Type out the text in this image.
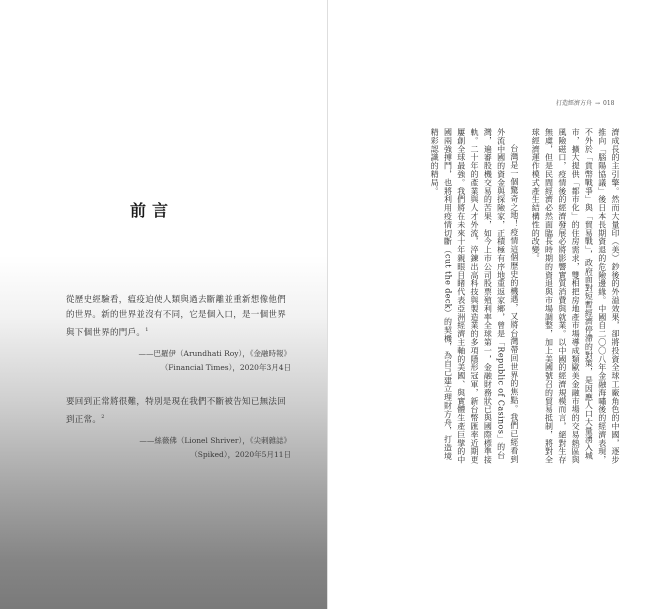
前言
從歷史經驗看，瘟疫迫使人類與過去斷離並重新想像他們的世界。新的世界並沒有不同，它是個入口，是一個世界與下個世界的門戶。$^1$
——巴羅伊（Arundhati Roy），《金融時報》
（Financial Times），2020年3月4日
要回到正常將很難，特別是現在我們不斷被告知已無法回到正常。$^2$
——絲薇佛（Lionel Shriver），《尖刺雜誌》
（Spiked），2020年5月11日
打造經濟方舟 → 018

濟成長的主引擎。然而大量印（美）鈔後的外溢效果，卻將投資全球工廠角色的中國，逐步推向「腦陽協議」後日本長期資退的危險邊緣。中國自二〇〇八年金融海嘯後的經濟表現，不外於「貨幣戰爭」與「貿易戰」，政府面對短暫經濟停滯的對策，是因應人口大量湧入城市，擴大提供「都市化」的住房需求，雙相把房地產市場導成類歐美金融市場的交易熱區與風險磁口，疫情後的經濟發展必將影響實質消費與就業。以中國的經濟規模而言，絕對生存無虞，但是民間經濟必然面臨長時期的資退與市場調整，加上美國號召的貿易抵制，將對全球經濟運作模式產生結構性的改變。

台灣是一個驚奇之地！疫情這個歷史的機遇，又將台灣帶回世界的焦點。我們已經看到外流中國的資金與探險家，正積極有序地重返家鄉，曾是「Republic of Casinos」的台灣，遍審股機交易的苦果，如今上市公司股票殖利率全球第一，金融財務狀已與國際標準接軌。二十年的產業與人才外流，淬鍊出高科技與製造業的多項隱形冠軍，新台幣匯率近期更屢創全球最強。我們將在未來十年親眼目睹代表亞洲經濟主軸的美國、與實體生產巨擘的中國兩強搏鬥，也將利用疫情切斷（cut the deck）的契機，為自己建立理財方舟，打造境精彩認識的精局。
